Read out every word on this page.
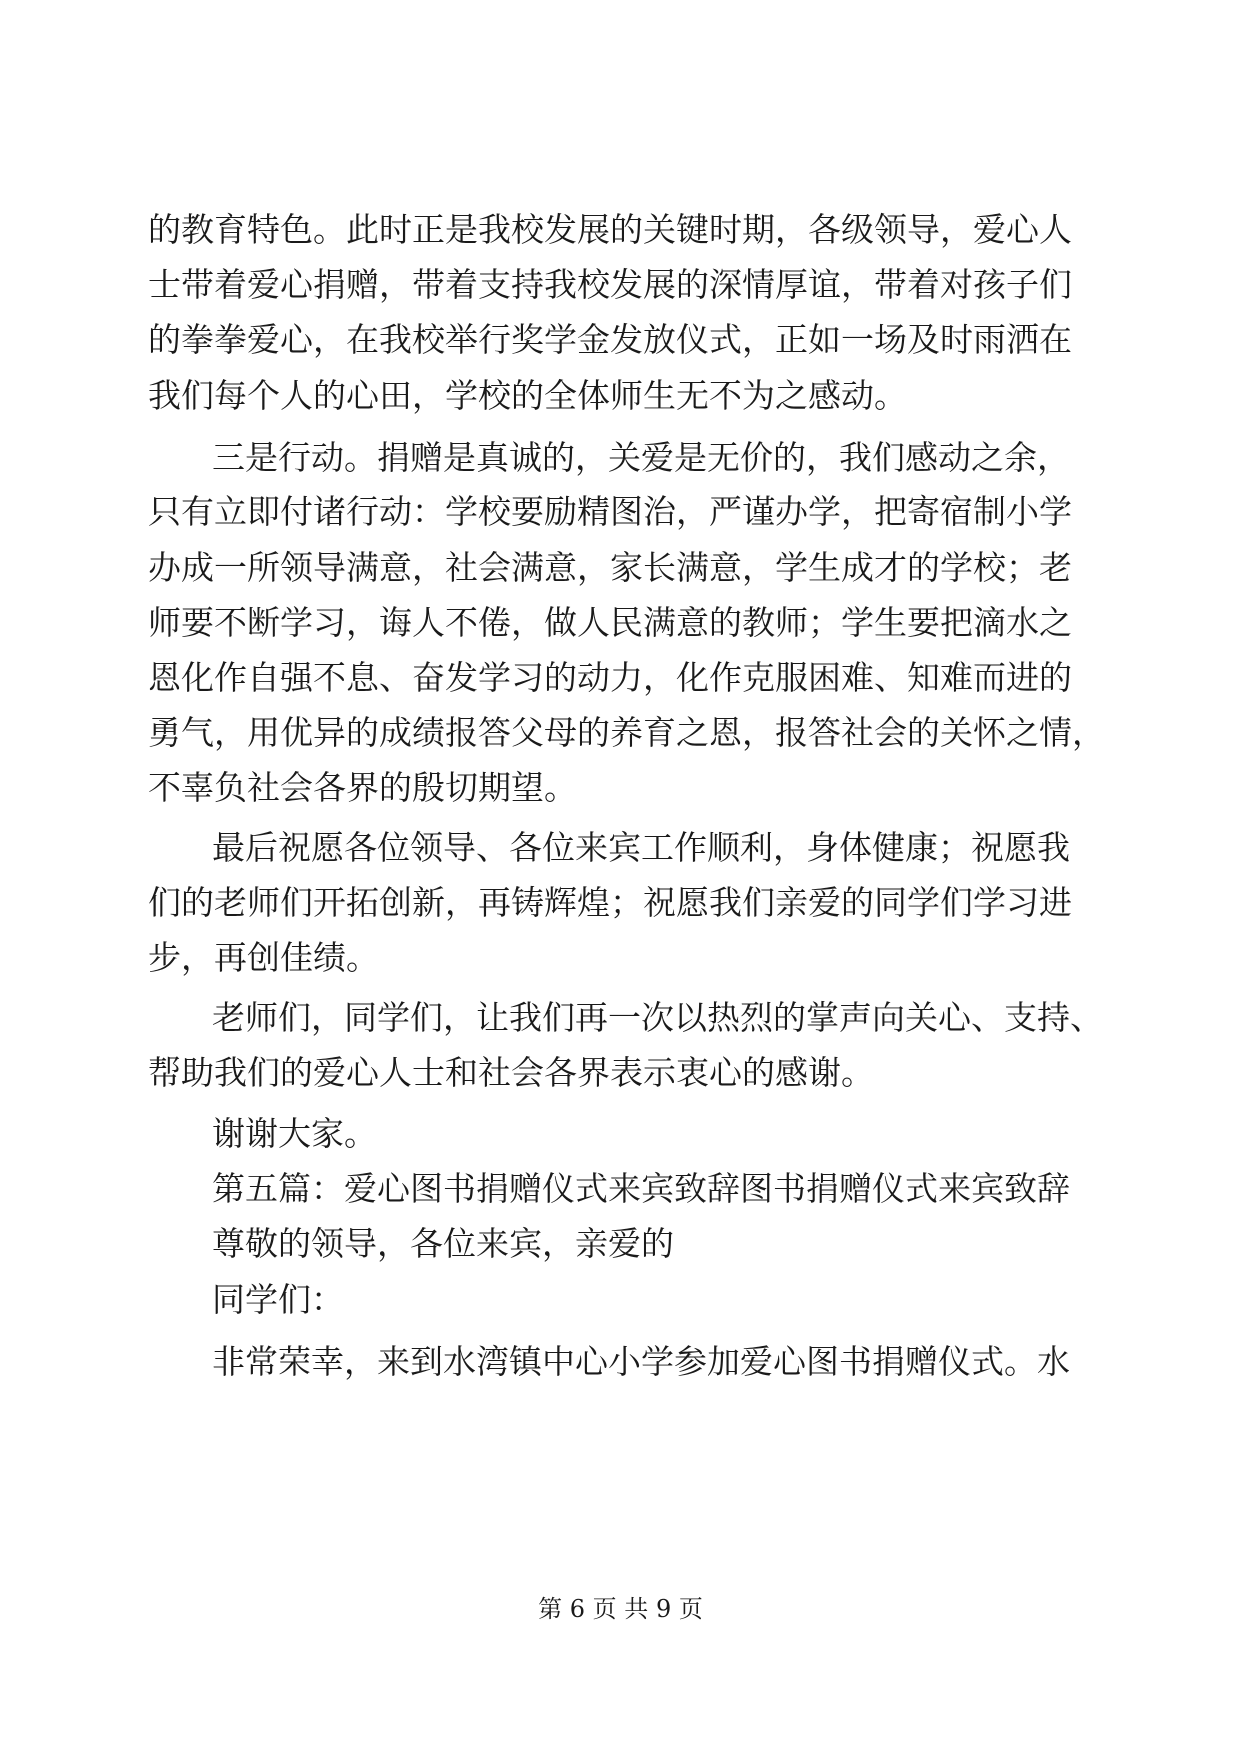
的教育特色。此时正是我校发展的关键时期，各级领导，爱心人
士带着爱心捐赠，带着支持我校发展的深情厚谊，带着对孩子们
的拳拳爱心，在我校举行奖学金发放仪式，正如一场及时雨洒在
我们每个人的心田，学校的全体师生无不为之感动。
三是行动。捐赠是真诚的，关爱是无价的，我们感动之余，
只有立即付诸行动：学校要励精图治，严谨办学，把寄宿制小学
办成一所领导满意，社会满意，家长满意，学生成才的学校；老
师要不断学习，诲人不倦，做人民满意的教师；学生要把滴水之
恩化作自强不息、奋发学习的动力，化作克服困难、知难而进的
勇气，用优异的成绩报答父母的养育之恩，报答社会的关怀之情，
不辜负社会各界的殷切期望。
最后祝愿各位领导、各位来宾工作顺利，身体健康；祝愿我
们的老师们开拓创新，再铸辉煌；祝愿我们亲爱的同学们学习进
步，再创佳绩。
老师们，同学们，让我们再一次以热烈的掌声向关心、支持、
帮助我们的爱心人士和社会各界表示衷心的感谢。
谢谢大家。
第五篇：爱心图书捐赠仪式来宾致辞图书捐赠仪式来宾致辞
尊敬的领导，各位来宾，亲爱的
同学们：
非常荣幸，来到水湾镇中心小学参加爱心图书捐赠仪式。水
第 6 页 共 9 页
